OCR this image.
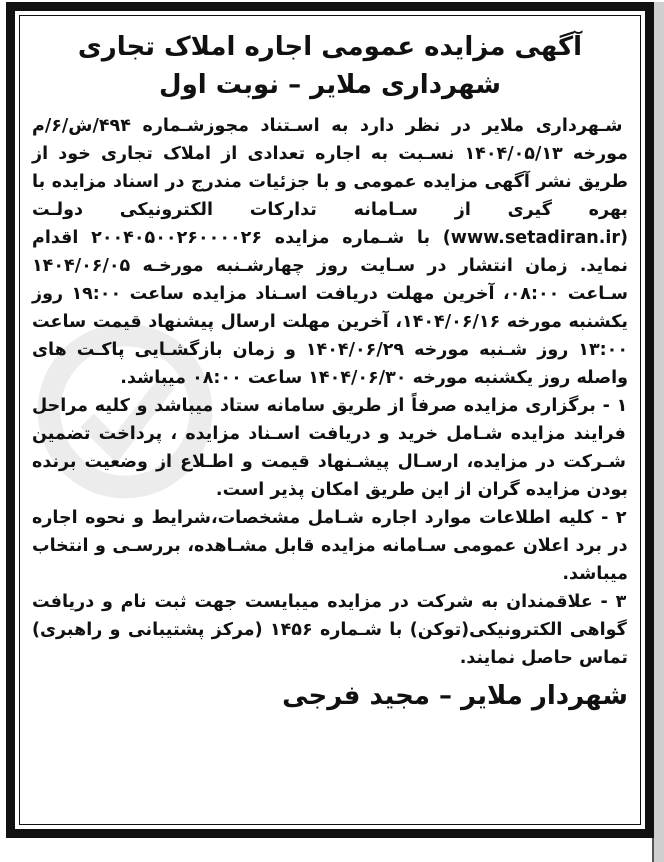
آگهی مزایده عمومی اجاره املاک تجاری
شهرداری ملایر – نوبت اول

شـهرداری ملایر در نظر دارد به اسـتناد مجوزشـماره ۴۹۴/ش/۶/م مورخه ۱۴۰۴/۰۵/۱۳ نسـبت به اجاره تعدادی از املاک تجاری خود از طریق نشر آگهی مزایده عمومی و با جزئیات مندرج در اسناد مزایده با بهره گیری از سـامانه تدارکات الکترونیکی دولـت (www.setadiran.ir) با شـماره مزایده ۲۰۰۴۰۵۰۰۲۶۰۰۰۰۲۶ اقدام نماید. زمان انتشار در سـایت روز چهارشـنبه مورخـه ۱۴۰۴/۰۶/۰۵ سـاعت ۰۸:۰۰، آخرین مهلت دریافت اسـناد مزایده ساعت ۱۹:۰۰ روز یکشنبه مورخه ۱۴۰۴/۰۶/۱۶، آخرین مهلت ارسال پیشنهاد قیمت ساعت ۱۳:۰۰ روز شـنبه مورخه ۱۴۰۴/۰۶/۲۹ و زمان بازگشـایی پاکـت های واصله روز یکشنبه مورخه ۱۴۰۴/۰۶/۳۰ ساعت ۰۸:۰۰ میباشد.

۱ - برگزاری مزایده صرفاً از طریق سامانه ستاد میباشد و کلیه مراحل فرایند مزایده شـامل خرید و دریافت اسـناد مزایده ، پرداخت تضمین شـرکت در مزایده، ارسـال پیشـنهاد قیمت و اطـلاع از وضعیت برنده بودن مزایده گران از این طریق امکان پذیر است.

۲ - کلیه اطلاعات موارد اجاره شـامل مشخصات،شرایط و نحوه اجاره در برد اعلان عمومی سـامانه مزایده قابل مشـاهده، بررسـی و انتخاب میباشد.

۳ - علاقمندان به شرکت در مزایده میبایست جهت ثبت نام و دریافت گواهی الکترونیکی(توکن) با شـماره ۱۴۵۶ (مرکز پشتیبانی و راهبری) تماس حاصل نمایند.

شهردار ملایر – مجید فرجی
